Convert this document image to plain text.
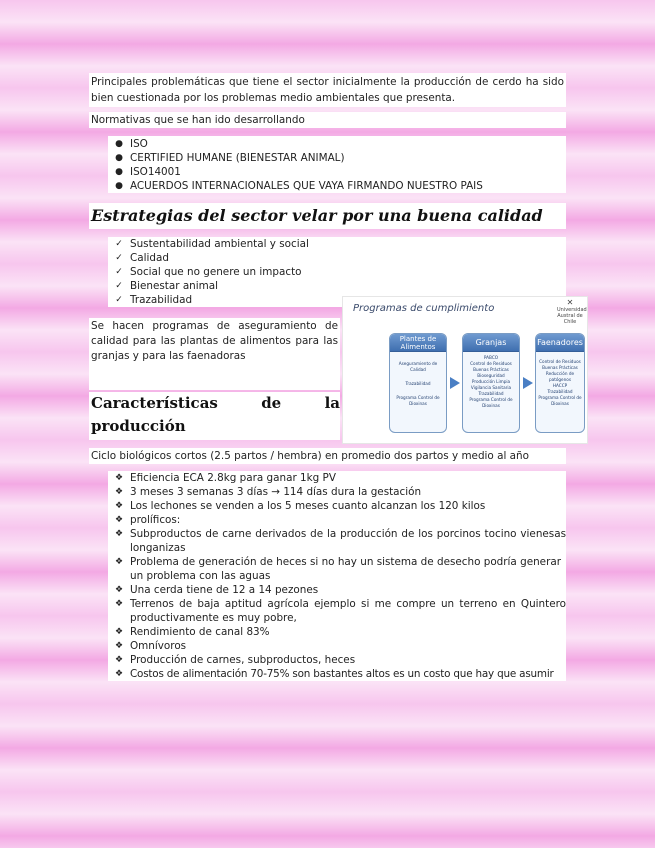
Principales problemáticas que tiene el sector inicialmente la producción de cerdo ha sido bien cuestionada por los problemas medio ambientales que presenta.
Normativas que se han ido desarrollando
● ISO
● CERTIFIED HUMANE (BIENESTAR ANIMAL)
● ISO14001
● ACUERDOS INTERNACIONALES QUE VAYA FIRMANDO NUESTRO PAIS
Estrategias del sector velar por una buena calidad
✓ Sustentabilidad ambiental y social
✓ Calidad
✓ Social que no genere un impacto
✓ Bienestar animal
✓ Trazabilidad
Se hacen programas de aseguramiento de calidad para las plantas de alimentos para las granjas y para las faenadoras
Características	de	la
producción
Programas de cumplimiento
✕
Universidad Austral de Chile
Plantes de Alimentos
Aseguramiento de Calidad
Trazabilidad
Programa Control de Dioxinas
Granjas
PABCO
Control de Residuos
Buenas Prácticas
Bioseguridad
Producción Limpia
Vigilancia Sanitaria
Trazabilidad
Programa Control de Dioxinas
Faenadores
Control de Residuos
Buenas Prácticas
Reducción de patógenos
HACCP
Trazabilidad
Programa Control de Dioxinas
Ciclo biológicos cortos (2.5 partos / hembra) en promedio dos partos y medio al año
❖ Eficiencia ECA 2.8kg para ganar 1kg PV
❖ 3 meses 3 semanas 3 días → 114 días dura la gestación
❖ Los lechones se venden a los 5 meses cuanto alcanzan los 120 kilos
❖ prolíficos:
❖ Subproductos de carne derivados de la producción de los porcinos tocino vienesas longanizas
❖ Problema de generación de heces si no hay un sistema de desecho podría generar un problema con las aguas
❖ Una cerda tiene de 12 a 14 pezones
❖ Terrenos de baja aptitud agrícola ejemplo si me compre un terreno en Quintero productivamente es muy pobre,
❖ Rendimiento de canal 83%
❖ Omnívoros
❖ Producción de carnes, subproductos, heces
❖ Costos de alimentación 70-75% son bastantes altos es un costo que hay que asumir
